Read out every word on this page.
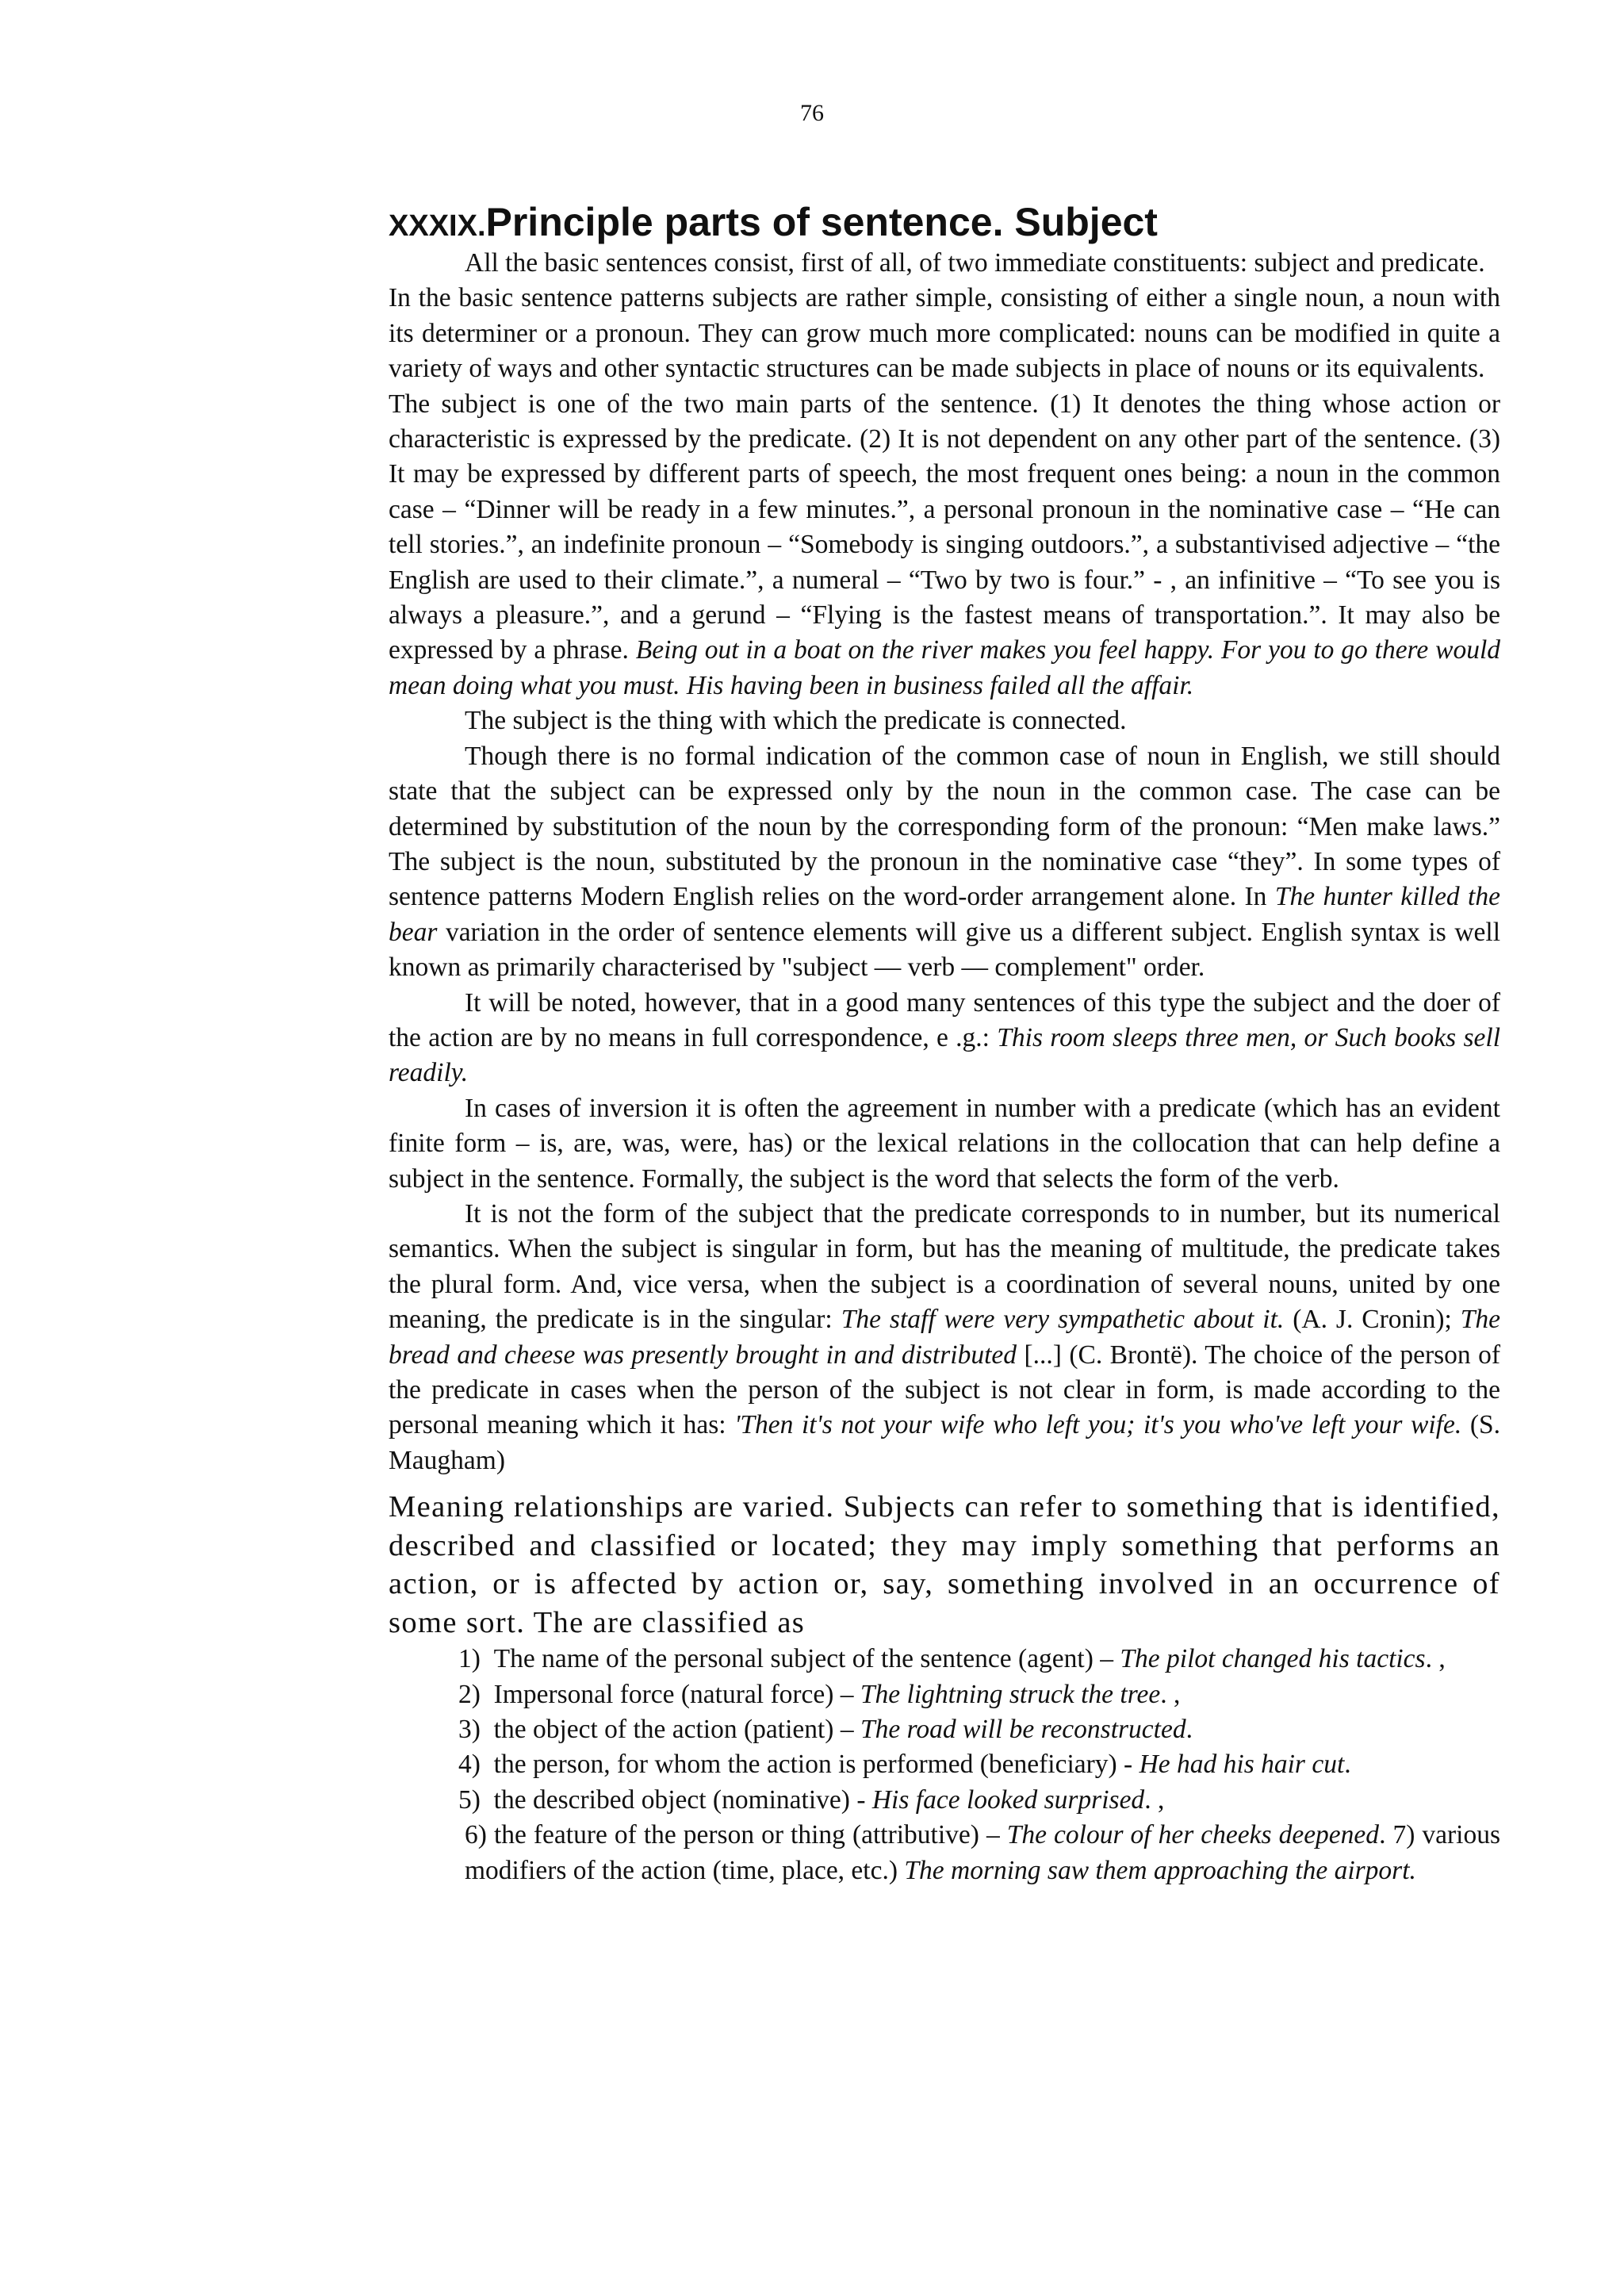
76
XXXIX.Principle parts of sentence. Subject

All the basic sentences consist, first of all, of two immediate constituents: subject and predicate.

In the basic sentence patterns subjects are rather simple, consisting of either a single noun, a noun with its determiner or a pronoun. They can grow much more complicated: nouns can be modified in quite a variety of ways and other syntactic structures can be made subjects in place of nouns or its equivalents.

The subject is one of the two main parts of the sentence. (1) It denotes the thing whose action or characteristic is expressed by the predicate. (2) It is not dependent on any other part of the sentence. (3) It may be expressed by different parts of speech, the most frequent ones being: a noun in the common case – “Dinner will be ready in a few minutes.”, a personal pronoun in the nominative case – “He can tell stories.”, an indefinite pronoun – “Somebody is singing outdoors.”, a substantivised adjective – “the English are used to their climate.”, a numeral – “Two by two is four.” - , an infinitive – “To see you is always a pleasure.”, and a gerund – “Flying is the fastest means of transportation.”. It may also be expressed by a phrase. Being out in a boat on the river makes you feel happy. For you to go there would mean doing what you must. His having been in business failed all the affair.

The subject is the thing with which the predicate is connected.

Though there is no formal indication of the common case of noun in English, we still should state that the subject can be expressed only by the noun in the common case. The case can be determined by substitution of the noun by the corresponding form of the pronoun: “Men make laws.” The subject is the noun, substituted by the pronoun in the nominative case “they”. In some types of sentence patterns Modern English relies on the word-order arrangement alone. In The hunter killed the bear variation in the order of sentence elements will give us a different subject. English syntax is well known as primarily characterised by "subject — verb — complement" order.

It will be noted, however, that in a good many sentences of this type the subject and the doer of the action are by no means in full correspondence, e .g.: This room sleeps three men, or Such books sell readily.

In cases of inversion it is often the agreement in number with a predicate (which has an evident finite form – is, are, was, were, has) or the lexical relations in the collocation that can help define a subject in the sentence. Formally, the subject is the word that selects the form of the verb.

It is not the form of the subject that the predicate corresponds to in number, but its numerical semantics. When the subject is singular in form, but has the meaning of multitude, the predicate takes the plural form. And, vice versa, when the subject is a coordination of several nouns, united by one meaning, the predicate is in the singular: The staff were very sympathetic about it. (A. J. Cronin); The bread and cheese was presently brought in and distributed [...] (C. Brontë). The choice of the person of the predicate in cases when the person of the subject is not clear in form, is made according to the personal meaning which it has: 'Then it's not your wife who left you; it's you who've left your wife. (S. Maugham)

Meaning relationships are varied. Subjects can refer to something that is identified, described and classified or located; they may imply something that performs an action, or is affected by action or, say, something involved in an occurrence of some sort. The are classified as

1) The name of the personal subject of the sentence (agent) – The pilot changed his tactics. ,

2) Impersonal force (natural force) – The lightning struck the tree. ,

3) the object of the action (patient) – The road will be reconstructed.

4) the person, for whom the action is performed (beneficiary) - He had his hair cut.

5) the described object (nominative) - His face looked surprised. ,

6) the feature of the person or thing (attributive) – The colour of her cheeks deepened. 7) various modifiers of the action (time, place, etc.) The morning saw them approaching the airport.
